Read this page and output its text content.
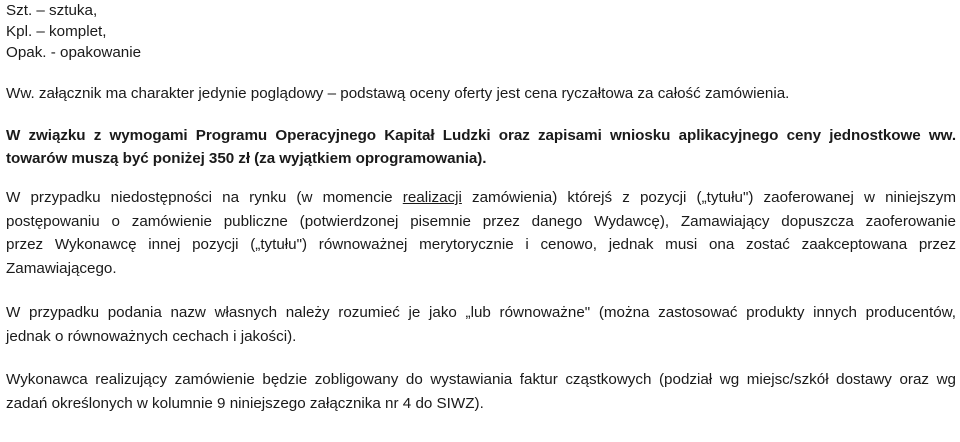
Szt. – sztuka,
Kpl. – komplet,
Opak. - opakowanie
Ww. załącznik ma charakter jedynie poglądowy – podstawą oceny oferty jest cena ryczałtowa za całość zamówienia.
W związku z wymogami Programu Operacyjnego Kapitał Ludzki oraz zapisami wniosku aplikacyjnego ceny jednostkowe ww.
towarów muszą być poniżej 350 zł (za wyjątkiem oprogramowania).
W przypadku niedostępności na rynku (w momencie realizacji zamówienia) którejś z pozycji („tytułu") zaoferowanej w niniejszym
postępowaniu o zamówienie publiczne (potwierdzonej pisemnie przez danego Wydawcę), Zamawiający dopuszcza zaoferowanie
przez Wykonawcę innej pozycji („tytułu") równoważnej merytorycznie i cenowo, jednak musi ona zostać zaakceptowana przez
Zamawiającego.
W przypadku podania nazw własnych należy rozumieć je jako „lub równoważne" (można zastosować produkty innych producentów,
jednak o równoważnych cechach i jakości).
Wykonawca realizujący zamówienie będzie zobligowany do wystawiania faktur cząstkowych (podział wg miejsc/szkół dostawy oraz wg
zadań określonych w kolumnie 9 niniejszego załącznika nr 4 do SIWZ).
